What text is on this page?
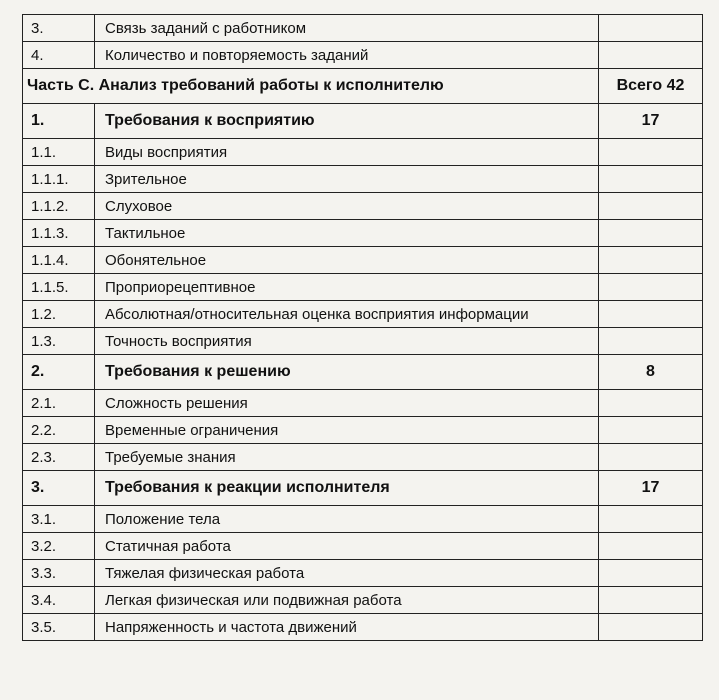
3.	Связь заданий с работником	
4.	Количество и повторяемость заданий	
Часть С. Анализ требований работы к исполнителю		Всего 42
1.	Требования к восприятию	17
1.1.	Виды восприятия	
1.1.1.	Зрительное	
1.1.2.	Слуховое	
1.1.3.	Тактильное	
1.1.4.	Обонятельное	
1.1.5.	Проприорецептивное	
1.2.	Абсолютная/относительная оценка восприятия информации	
1.3.	Точность восприятия	
2.	Требования к решению	8
2.1.	Сложность решения	
2.2.	Временные ограничения	
2.3.	Требуемые знания	
3.	Требования к реакции исполнителя	17
3.1.	Положение тела	
3.2.	Статичная работа	
3.3.	Тяжелая физическая работа	
3.4.	Легкая физическая или подвижная работа	
3.5.	Напряженность и частота движений	
